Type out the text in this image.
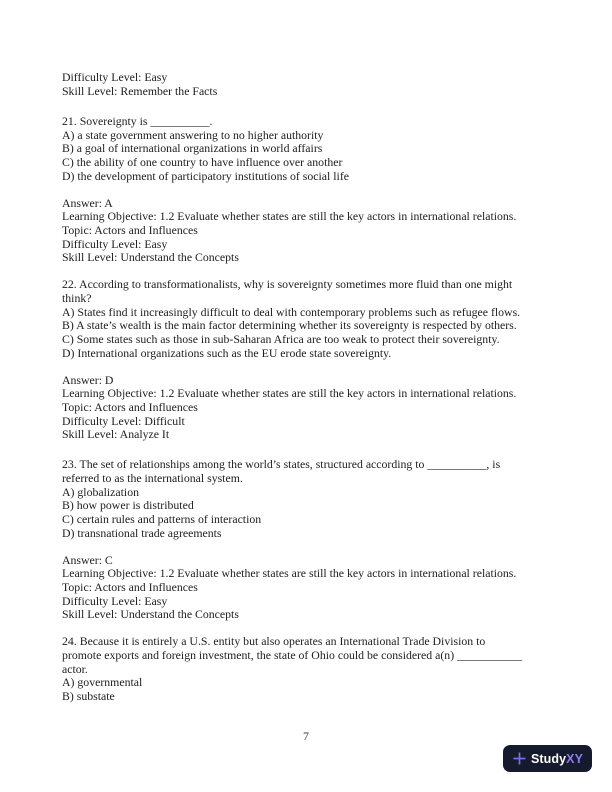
Difficulty Level: Easy
Skill Level: Remember the Facts
21. Sovereignty is __________.
A) a state government answering to no higher authority
B) a goal of international organizations in world affairs
C) the ability of one country to have influence over another
D) the development of participatory institutions of social life
Answer: A
Learning Objective: 1.2 Evaluate whether states are still the key actors in international relations.
Topic: Actors and Influences
Difficulty Level: Easy
Skill Level: Understand the Concepts
22. According to transformationalists, why is sovereignty sometimes more fluid than one might
think?
A) States find it increasingly difficult to deal with contemporary problems such as refugee flows.
B) A state’s wealth is the main factor determining whether its sovereignty is respected by others.
C) Some states such as those in sub-Saharan Africa are too weak to protect their sovereignty.
D) International organizations such as the EU erode state sovereignty.
Answer: D
Learning Objective: 1.2 Evaluate whether states are still the key actors in international relations.
Topic: Actors and Influences
Difficulty Level: Difficult
Skill Level: Analyze It
23. The set of relationships among the world’s states, structured according to __________, is
referred to as the international system.
A) globalization
B) how power is distributed
C) certain rules and patterns of interaction
D) transnational trade agreements
Answer: C
Learning Objective: 1.2 Evaluate whether states are still the key actors in international relations.
Topic: Actors and Influences
Difficulty Level: Easy
Skill Level: Understand the Concepts
24. Because it is entirely a U.S. entity but also operates an International Trade Division to
promote exports and foreign investment, the state of Ohio could be considered a(n) ___________
actor.
A) governmental
B) substate
7
StudyXY
